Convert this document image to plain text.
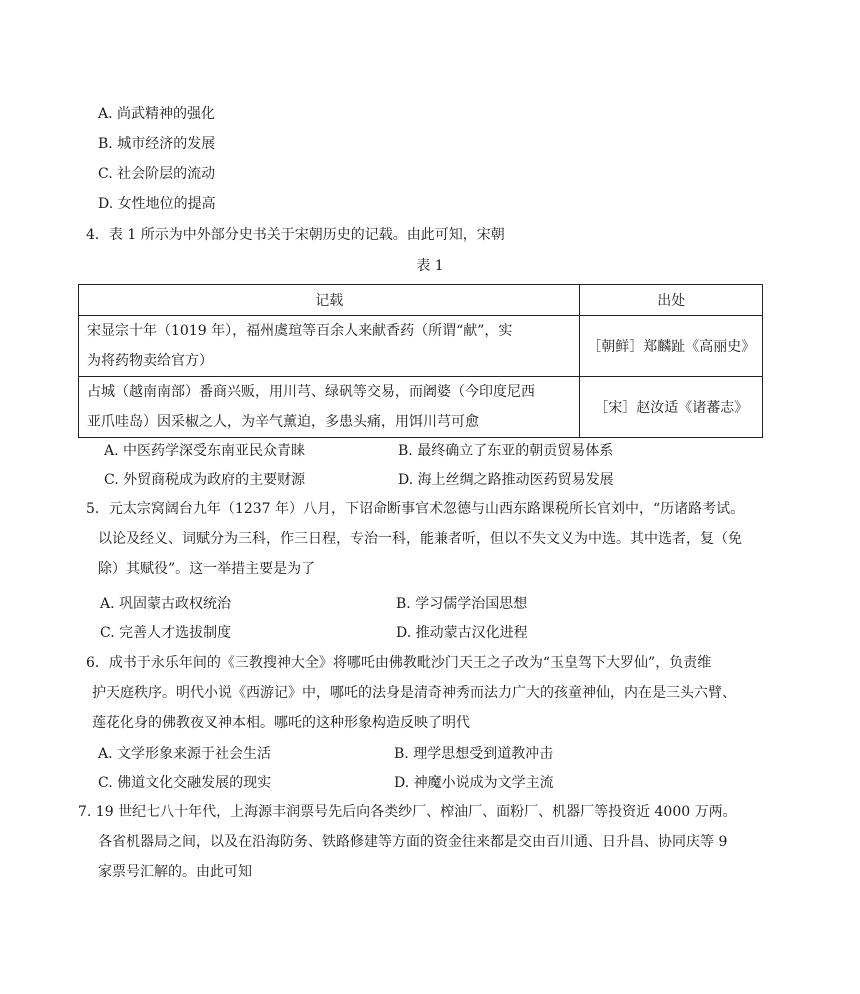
A. 尚武精神的强化
B. 城市经济的发展
C. 社会阶层的流动
D. 女性地位的提高
4．表 1 所示为中外部分史书关于宋朝历史的记载。由此可知，宋朝
表 1
记载	出处

宋显宗十年（1019 年），福州虞瑄等百余人来献香药（所谓“献”，实
为将药物卖给官方）	［朝鲜］郑麟趾《高丽史》

占城（越南南部）番商兴贩，用川芎、绿矾等交易，而阇婆（今印度尼西
亚爪哇岛）因采椒之人，为辛气薰迫，多患头痛，用饵川芎可愈	［宋］赵汝适《诸蕃志》
A. 中医药学深受东南亚民众青睐	B. 最终确立了东亚的朝贡贸易体系
C. 外贸商税成为政府的主要财源	D. 海上丝绸之路推动医药贸易发展
5．元太宗窝阔台九年（1237 年）八月，下诏命断事官术忽德与山西东路课税所长官刘中，“历诸路考试。
以论及经义、词赋分为三科，作三日程，专治一科，能兼者听，但以不失文义为中选。其中选者，复（免
除）其赋役”。这一举措主要是为了
A. 巩固蒙古政权统治	B. 学习儒学治国思想
C. 完善人才选拔制度	D. 推动蒙古汉化进程
6．成书于永乐年间的《三教搜神大全》将哪吒由佛教毗沙门天王之子改为“玉皇驾下大罗仙”，负责维
护天庭秩序。明代小说《西游记》中，哪吒的法身是清奇神秀而法力广大的孩童神仙，内在是三头六臂、
莲花化身的佛教夜叉神本相。哪吒的这种形象构造反映了明代
A. 文学形象来源于社会生活	B. 理学思想受到道教冲击
C. 佛道文化交融发展的现实	D. 神魔小说成为文学主流
7. 19 世纪七八十年代，上海源丰润票号先后向各类纱厂、榨油厂、面粉厂、机器厂等投资近 4000 万两。
各省机器局之间，以及在沿海防务、铁路修建等方面的资金往来都是交由百川通、日升昌、协同庆等 9
家票号汇解的。由此可知
